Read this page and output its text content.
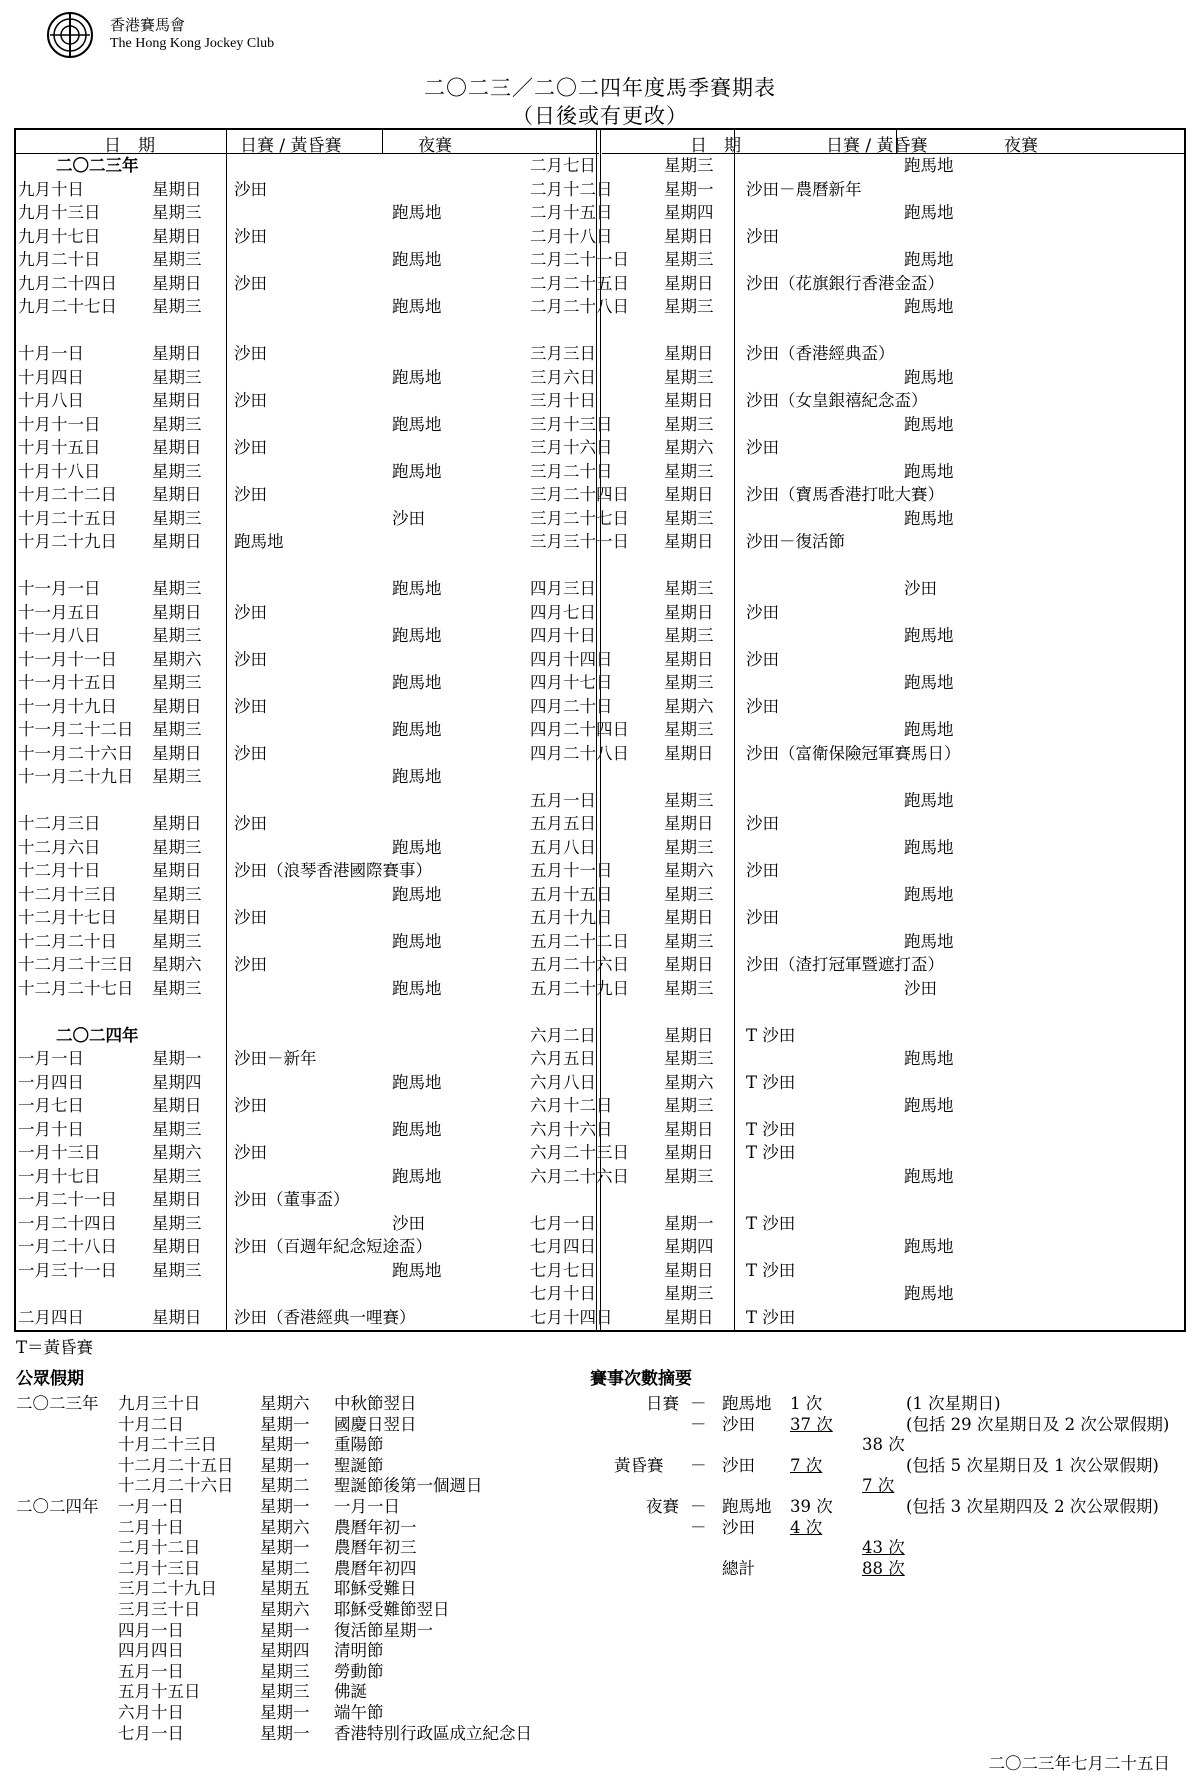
香港賽馬會
The Hong Kong Jockey Club
二〇二三／二〇二四年度馬季賽期表
（日後或有更改）
日　期	日賽 / 黃昏賽	夜賽	日　期	日賽 / 黃昏賽	夜賽
二〇二三年
九月十日	星期日 沙田
九月十三日	星期三	跑馬地
九月十七日	星期日 沙田
九月二十日	星期三	跑馬地
九月二十四日 星期日 沙田
九月二十七日 星期三	跑馬地
十月一日	星期日 沙田
十月四日	星期三	跑馬地
十月八日	星期日 沙田
十月十一日	星期三	跑馬地
十月十五日	星期日 沙田
十月十八日	星期三	跑馬地
十月二十二日 星期日 沙田
十月二十五日 星期三	沙田
十月二十九日 星期日 跑馬地
十一月一日	星期三	跑馬地
十一月五日	星期日 沙田
十一月八日	星期三	跑馬地
十一月十一日 星期六 沙田
十一月十五日 星期三	跑馬地
十一月十九日 星期日 沙田
十一月二十二日 星期三	跑馬地
十一月二十六日 星期日 沙田
十一月二十九日 星期三	跑馬地
十二月三日	星期日 沙田
十二月六日	星期三	跑馬地
十二月十日	星期日 沙田（浪琴香港國際賽事）
十二月十三日 星期三	跑馬地
十二月十七日 星期日 沙田
十二月二十日 星期三	跑馬地
十二月二十三日 星期六 沙田
十二月二十七日 星期三	跑馬地
二〇二四年
一月一日	星期一 沙田－新年
一月四日	星期四	跑馬地
一月七日	星期日 沙田
一月十日	星期三	跑馬地
一月十三日	星期六 沙田
一月十七日	星期三	跑馬地
一月二十一日 星期日 沙田（董事盃）
一月二十四日 星期三	沙田
一月二十八日 星期日 沙田（百週年紀念短途盃）
一月三十一日 星期三	跑馬地
二月四日	星期日 沙田（香港經典一哩賽）
二月七日	星期三	跑馬地
二月十二日	星期一 沙田－農曆新年
二月十五日	星期四	跑馬地
二月十八日	星期日 沙田
二月二十一日 星期三	跑馬地
二月二十五日 星期日 沙田（花旗銀行香港金盃）
二月二十八日 星期三	跑馬地
三月三日	星期日 沙田（香港經典盃）
三月六日	星期三	跑馬地
三月十日	星期日 沙田（女皇銀禧紀念盃）
三月十三日	星期三	跑馬地
三月十六日	星期六 沙田
三月二十日	星期三	跑馬地
三月二十四日 星期日 沙田（寶馬香港打吡大賽）
三月二十七日 星期三	跑馬地
三月三十一日 星期日 沙田－復活節
四月三日	星期三	沙田
四月七日	星期日 沙田
四月十日	星期三	跑馬地
四月十四日	星期日 沙田
四月十七日	星期三	跑馬地
四月二十日	星期六 沙田
四月二十四日 星期三	跑馬地
四月二十八日 星期日 沙田（富衛保險冠軍賽馬日）
五月一日	星期三	跑馬地
五月五日	星期日 沙田
五月八日	星期三	跑馬地
五月十一日	星期六 沙田
五月十五日	星期三	跑馬地
五月十九日	星期日 沙田
五月二十二日 星期三	跑馬地
五月二十六日 星期日 沙田（渣打冠軍暨遮打盃）
五月二十九日 星期三	沙田
六月二日	星期日 T 沙田
六月五日	星期三	跑馬地
六月八日	星期六 T 沙田
六月十二日	星期三	跑馬地
六月十六日	星期日 T 沙田
六月二十三日 星期日 T 沙田
六月二十六日 星期三	跑馬地
七月一日	星期一 T 沙田
七月四日	星期四	跑馬地
七月七日	星期日 T 沙田
七月十日	星期三	跑馬地
七月十四日	星期日 T 沙田
T＝黃昏賽
公眾假期
二〇二三年 九月三十日	星期六 中秋節翌日
十月二日	星期一 國慶日翌日
十月二十三日	星期一 重陽節
十二月二十五日 星期一 聖誕節
十二月二十六日 星期二 聖誕節後第一個週日
二〇二四年 一月一日	星期一 一月一日
二月十日	星期六 農曆年初一
二月十二日	星期一 農曆年初三
二月十三日	星期二 農曆年初四
三月二十九日	星期五 耶穌受難日
三月三十日	星期六 耶穌受難節翌日
四月一日	星期一 復活節星期一
四月四日	星期四 清明節
五月一日	星期三 勞動節
五月十五日	星期三 佛誕
六月十日	星期一 端午節
七月一日	星期一 香港特別行政區成立紀念日
賽事次數摘要
日賽 － 跑馬地 1 次	(1 次星期日)
－ 沙田 37 次	(包括 29 次星期日及 2 次公眾假期)
38 次
黃昏賽 － 沙田 7 次	(包括 5 次星期日及 1 次公眾假期)
7 次
夜賽 － 跑馬地 39 次	(包括 3 次星期四及 2 次公眾假期)
－ 沙田 4 次
43 次
總計	88 次
二〇二三年七月二十五日
